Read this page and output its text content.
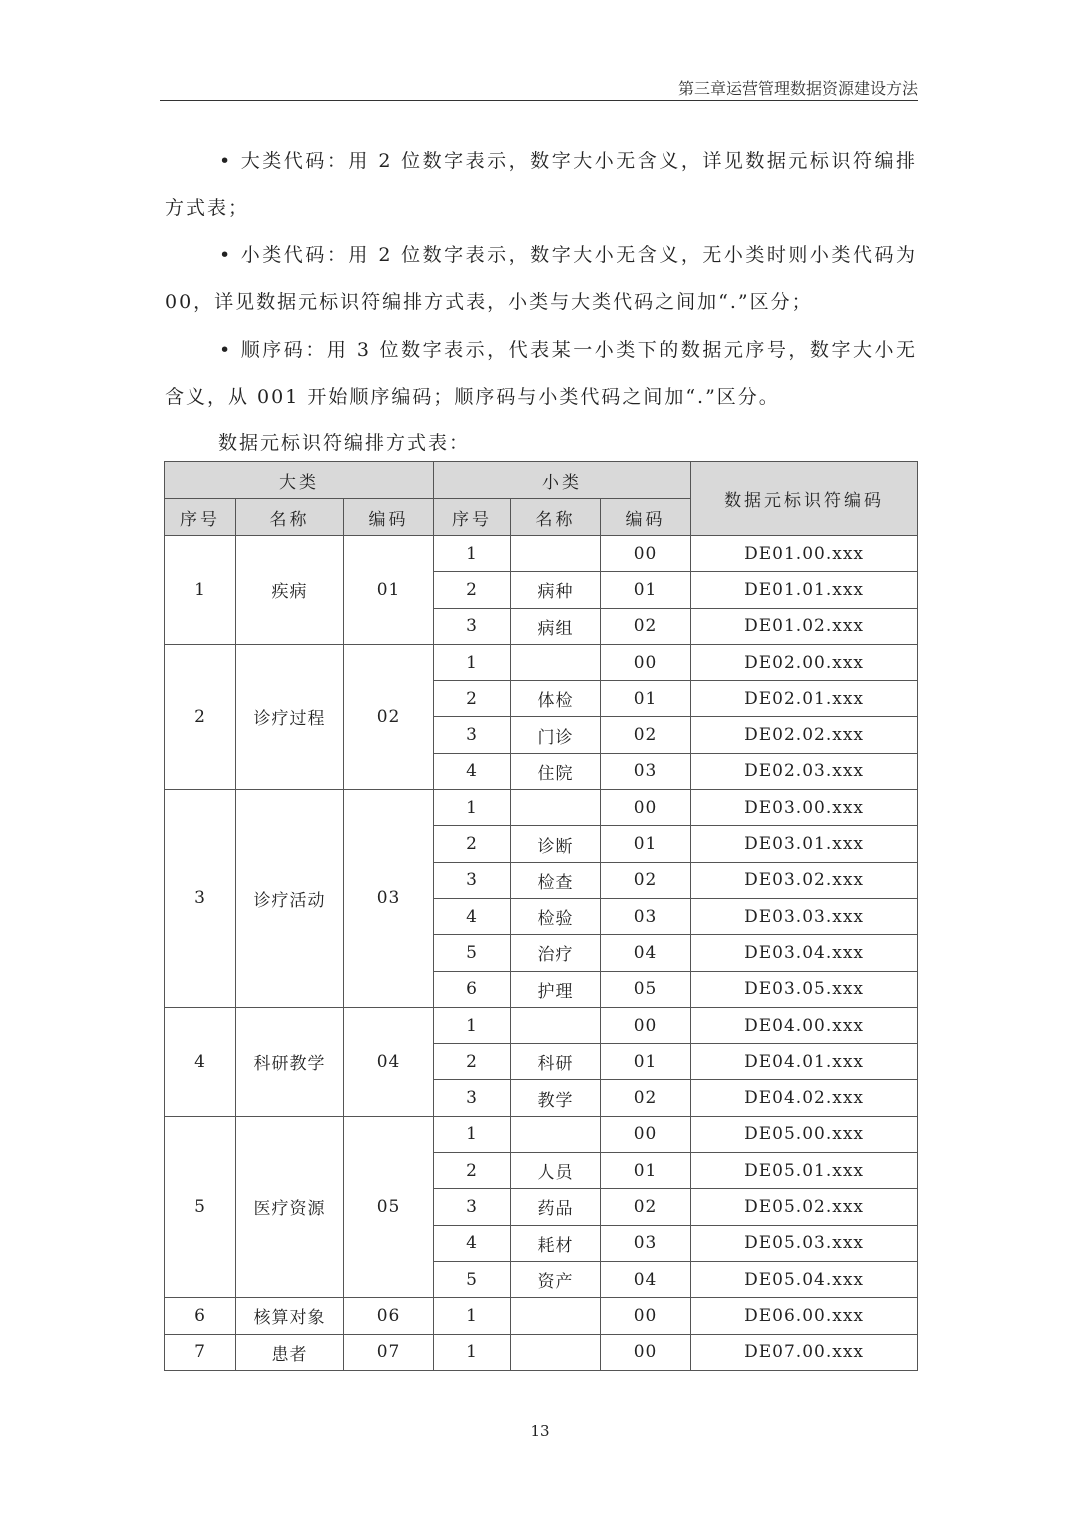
第三章运营管理数据资源建设方法

• 大类代码：用 2 位数字表示，数字大小无含义，详见数据元标识符编排方式表；

• 小类代码：用 2 位数字表示，数字大小无含义，无小类时则小类代码为 00，详见数据元标识符编排方式表，小类与大类代码之间加“.”区分；

• 顺序码：用 3 位数字表示，代表某一小类下的数据元序号，数字大小无含义，从 001 开始顺序编码；顺序码与小类代码之间加“.”区分。

数据元标识符编排方式表：
大类			小类			数据元标识符编码
序号	名称	编码	序号	名称	编码	
1	疾病	01	1		00	DE01.00.xxx
			2	病种	01	DE01.01.xxx
			3	病组	02	DE01.02.xxx
2	诊疗过程	02	1		00	DE02.00.xxx
			2	体检	01	DE02.01.xxx
			3	门诊	02	DE02.02.xxx
			4	住院	03	DE02.03.xxx
3	诊疗活动	03	1		00	DE03.00.xxx
			2	诊断	01	DE03.01.xxx
			3	检查	02	DE03.02.xxx
			4	检验	03	DE03.03.xxx
			5	治疗	04	DE03.04.xxx
			6	护理	05	DE03.05.xxx
4	科研教学	04	1		00	DE04.00.xxx
			2	科研	01	DE04.01.xxx
			3	教学	02	DE04.02.xxx
5	医疗资源	05	1		00	DE05.00.xxx
			2	人员	01	DE05.01.xxx
			3	药品	02	DE05.02.xxx
			4	耗材	03	DE05.03.xxx
			5	资产	04	DE05.04.xxx
6	核算对象	06	1		00	DE06.00.xxx
7	患者	07	1		00	DE07.00.xxx
13
